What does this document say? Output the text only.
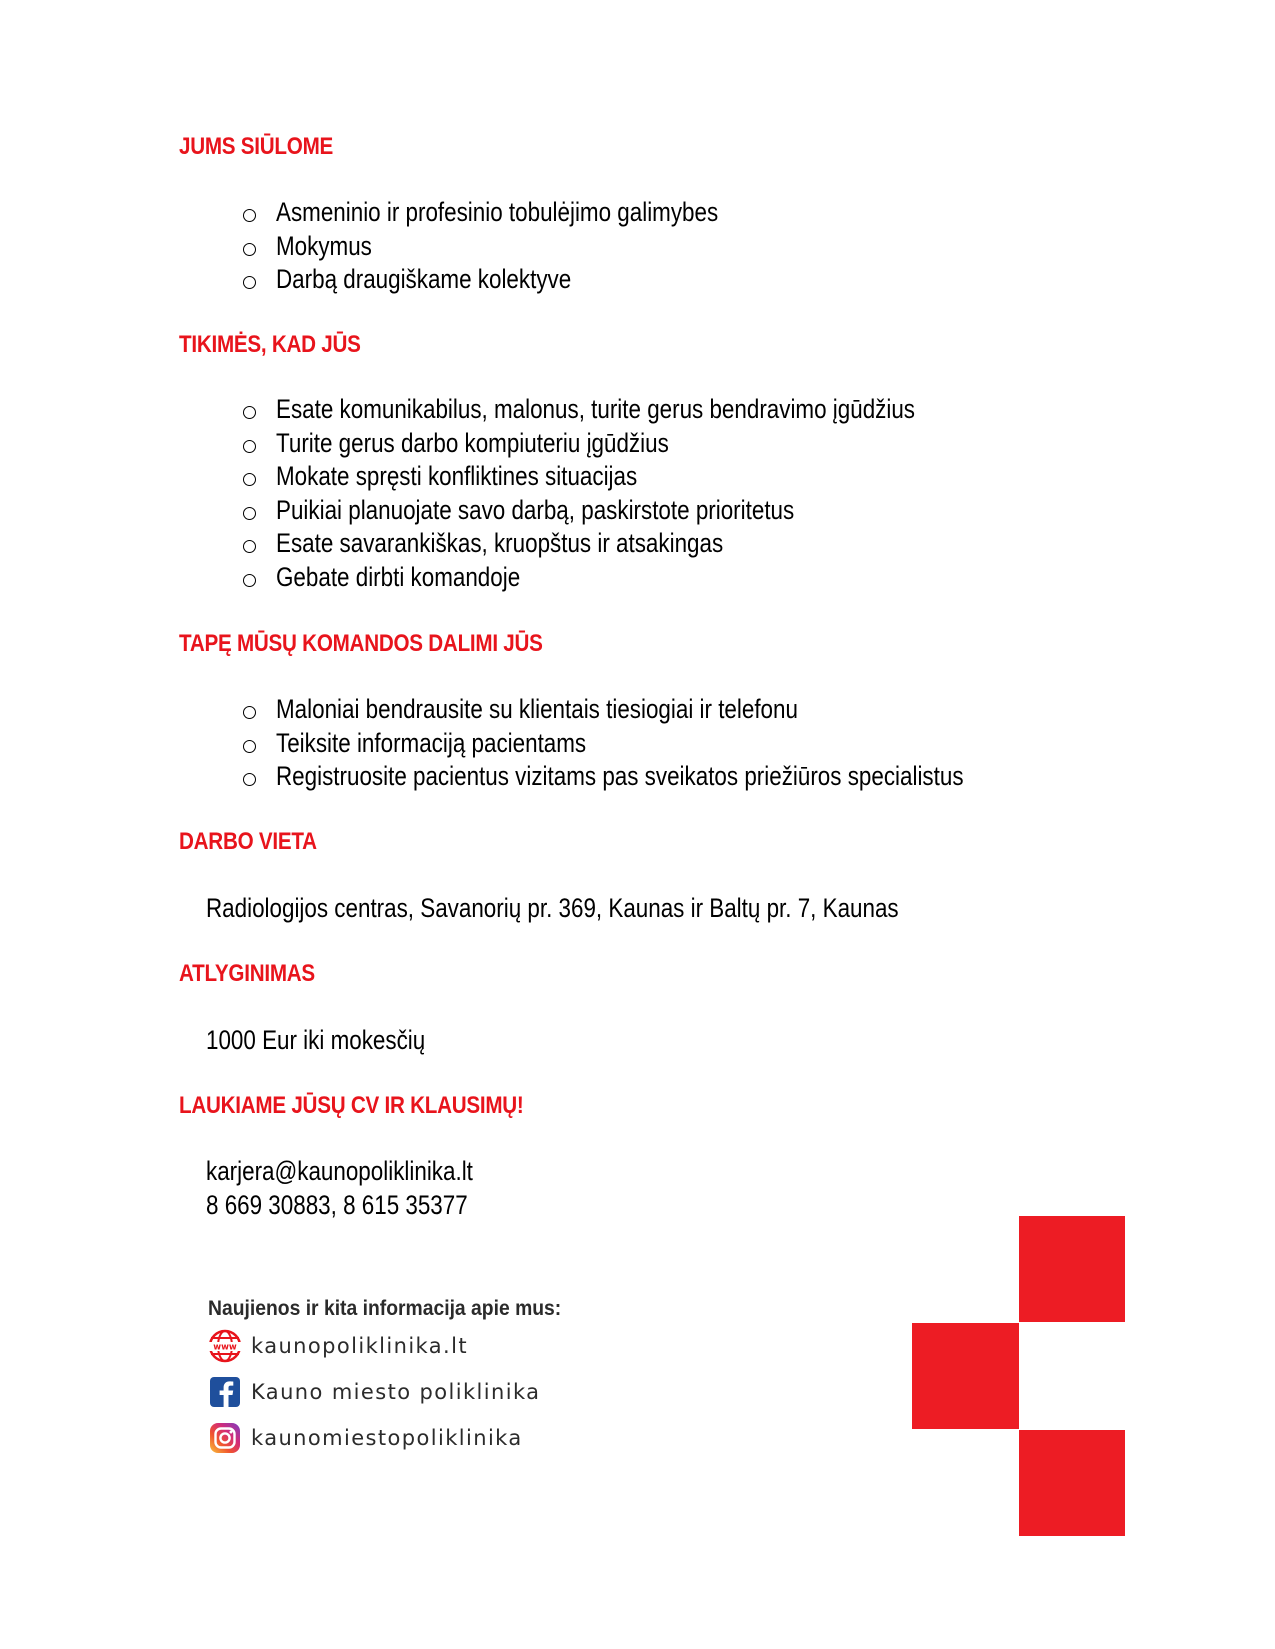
JUMS SIŪLOME
Asmeninio ir profesinio tobulėjimo galimybes
Mokymus
Darbą draugiškame kolektyve
TIKIMĖS, KAD JŪS
Esate komunikabilus, malonus, turite gerus bendravimo įgūdžius
Turite gerus darbo kompiuteriu įgūdžius
Mokate spręsti konfliktines situacijas
Puikiai planuojate savo darbą, paskirstote prioritetus
Esate savarankiškas, kruopštus ir atsakingas
Gebate dirbti komandoje
TAPĘ MŪSŲ KOMANDOS DALIMI JŪS
Maloniai bendrausite su klientais tiesiogiai ir telefonu
Teiksite informaciją pacientams
Registruosite pacientus vizitams pas sveikatos priežiūros specialistus
DARBO VIETA
Radiologijos centras, Savanorių pr. 369, Kaunas ir Baltų pr. 7, Kaunas
ATLYGINIMAS
1000 Eur iki mokesčių
LAUKIAME JŪSŲ CV IR KLAUSIMŲ!
karjera@kaunopoliklinika.lt
8 669 30883, 8 615 35377
Naujienos ir kita informacija apie mus:
www kaunopoliklinika.lt
Kauno miesto poliklinika
kaunomiestopoliklinika
